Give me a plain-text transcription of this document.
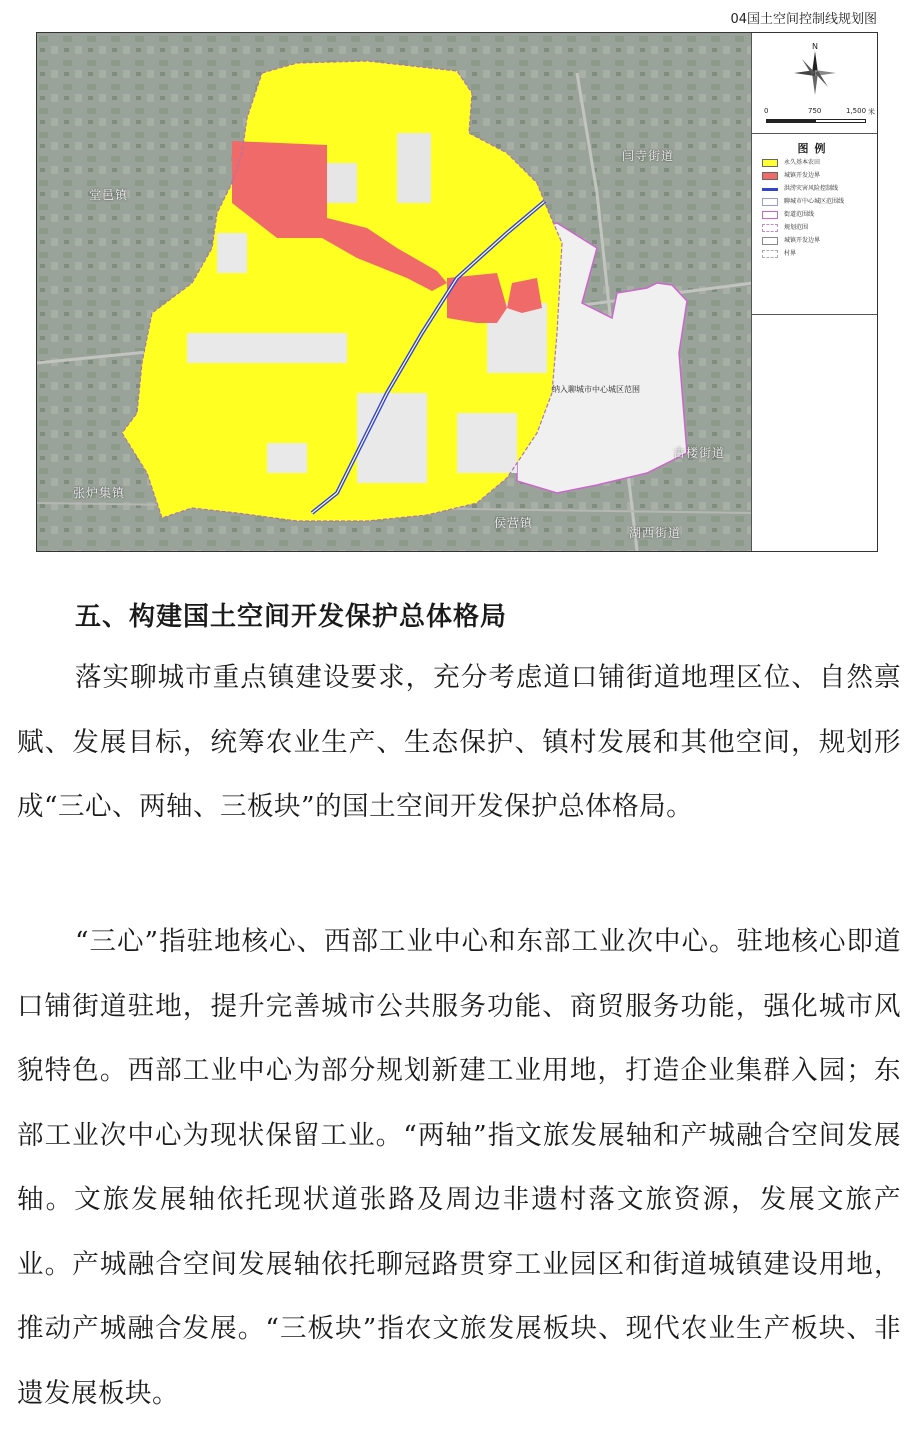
04国土空间控制线规划图
堂邑镇
闫寺街道
古楼街道
张炉集镇
侯营镇
湖西街道
纳入聊城市中心城区范围
N
0	750	1,500 米
图例
永久基本农田
城镇开发边界
洪涝灾害风险控制线
聊城市中心城区范围线
街道范围线
规划范围
城镇开发边界
村界
五、构建国土空间开发保护总体格局
落实聊城市重点镇建设要求，充分考虑道口铺街道地理区位、自然禀赋、发展目标，统筹农业生产、生态保护、镇村发展和其他空间，规划形成“三心、两轴、三板块”的国土空间开发保护总体格局。
“三心”指驻地核心、西部工业中心和东部工业次中心。驻地核心即道口铺街道驻地，提升完善城市公共服务功能、商贸服务功能，强化城市风貌特色。西部工业中心为部分规划新建工业用地，打造企业集群入园；东部工业次中心为现状保留工业。“两轴”指文旅发展轴和产城融合空间发展轴。文旅发展轴依托现状道张路及周边非遗村落文旅资源，发展文旅产业。产城融合空间发展轴依托聊冠路贯穿工业园区和街道城镇建设用地，推动产城融合发展。“三板块”指农文旅发展板块、现代农业生产板块、非遗发展板块。
